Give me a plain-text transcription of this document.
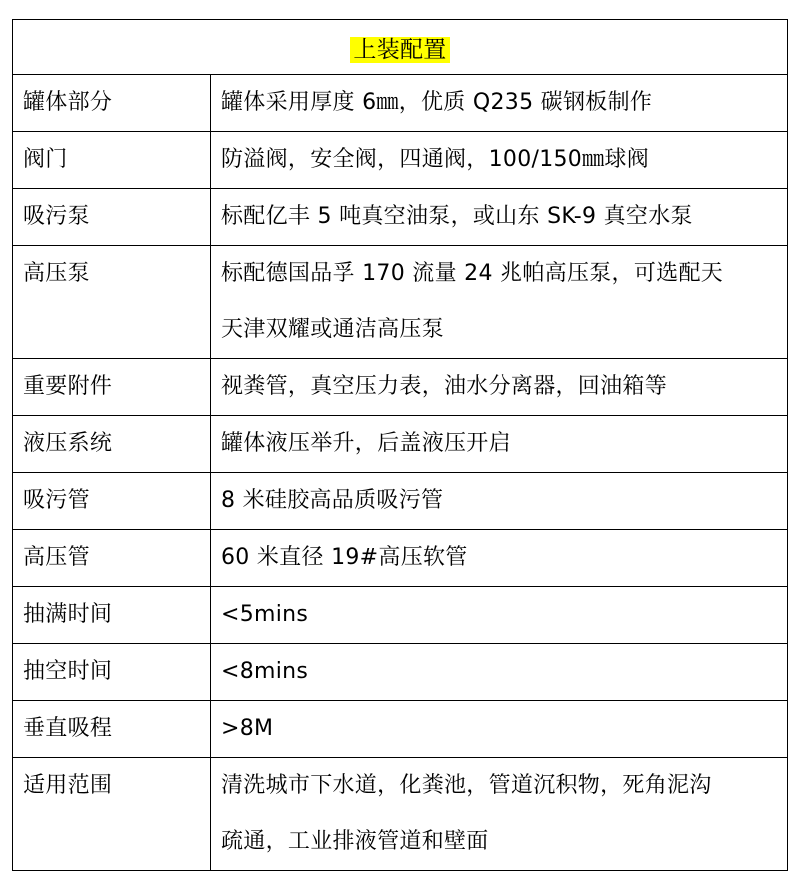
上装配置	
罐体部分	罐体采用厚度 6㎜，优质 Q235 碳钢板制作

阀门	防溢阀，安全阀，四通阀，100/150㎜球阀

吸污泵	标配亿丰 5 吨真空油泵，或山东 SK-9 真空水泵

高压泵	标配德国品孚 170 流量 24 兆帕高压泵，可选配天
天津双耀或通洁高压泵

重要附件	视粪管，真空压力表，油水分离器，回油箱等

液压系统	罐体液压举升，后盖液压开启

吸污管	8 米硅胶高品质吸污管

高压管	60 米直径 19#高压软管

抽满时间	<5mins

抽空时间	<8mins

垂直吸程	>8M

适用范围	清洗城市下水道，化粪池，管道沉积物，死角泥沟
疏通，工业排液管道和壁面
